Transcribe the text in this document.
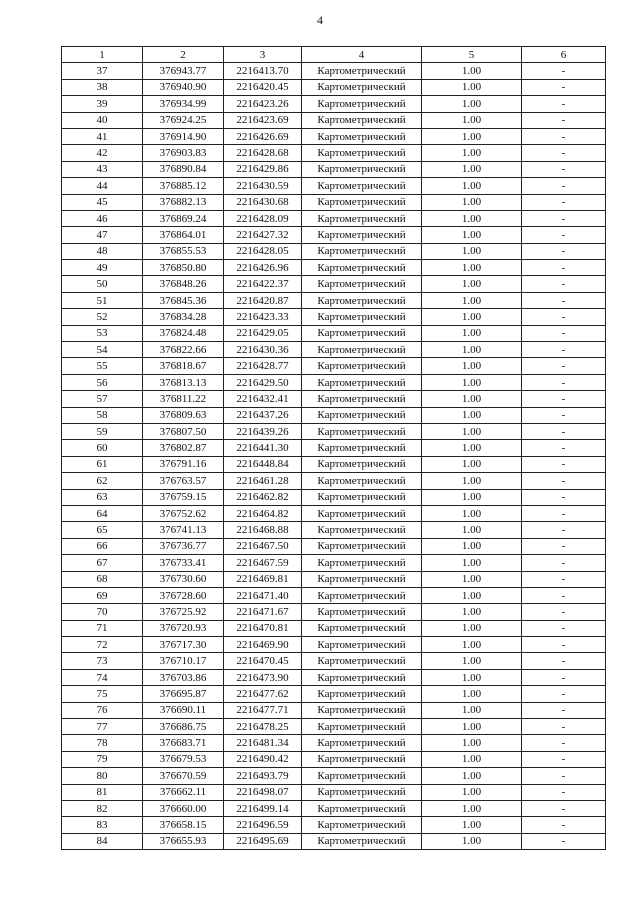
4
1	2	3	4	5	6
37	376943.77	2216413.70	Картометрический	1.00	-
38	376940.90	2216420.45	Картометрический	1.00	-
39	376934.99	2216423.26	Картометрический	1.00	-
40	376924.25	2216423.69	Картометрический	1.00	-
41	376914.90	2216426.69	Картометрический	1.00	-
42	376903.83	2216428.68	Картометрический	1.00	-
43	376890.84	2216429.86	Картометрический	1.00	-
44	376885.12	2216430.59	Картометрический	1.00	-
45	376882.13	2216430.68	Картометрический	1.00	-
46	376869.24	2216428.09	Картометрический	1.00	-
47	376864.01	2216427.32	Картометрический	1.00	-
48	376855.53	2216428.05	Картометрический	1.00	-
49	376850.80	2216426.96	Картометрический	1.00	-
50	376848.26	2216422.37	Картометрический	1.00	-
51	376845.36	2216420.87	Картометрический	1.00	-
52	376834.28	2216423.33	Картометрический	1.00	-
53	376824.48	2216429.05	Картометрический	1.00	-
54	376822.66	2216430.36	Картометрический	1.00	-
55	376818.67	2216428.77	Картометрический	1.00	-
56	376813.13	2216429.50	Картометрический	1.00	-
57	376811.22	2216432.41	Картометрический	1.00	-
58	376809.63	2216437.26	Картометрический	1.00	-
59	376807.50	2216439.26	Картометрический	1.00	-
60	376802.87	2216441.30	Картометрический	1.00	-
61	376791.16	2216448.84	Картометрический	1.00	-
62	376763.57	2216461.28	Картометрический	1.00	-
63	376759.15	2216462.82	Картометрический	1.00	-
64	376752.62	2216464.82	Картометрический	1.00	-
65	376741.13	2216468.88	Картометрический	1.00	-
66	376736.77	2216467.50	Картометрический	1.00	-
67	376733.41	2216467.59	Картометрический	1.00	-
68	376730.60	2216469.81	Картометрический	1.00	-
69	376728.60	2216471.40	Картометрический	1.00	-
70	376725.92	2216471.67	Картометрический	1.00	-
71	376720.93	2216470.81	Картометрический	1.00	-
72	376717.30	2216469.90	Картометрический	1.00	-
73	376710.17	2216470.45	Картометрический	1.00	-
74	376703.86	2216473.90	Картометрический	1.00	-
75	376695.87	2216477.62	Картометрический	1.00	-
76	376690.11	2216477.71	Картометрический	1.00	-
77	376686.75	2216478.25	Картометрический	1.00	-
78	376683.71	2216481.34	Картометрический	1.00	-
79	376679.53	2216490.42	Картометрический	1.00	-
80	376670.59	2216493.79	Картометрический	1.00	-
81	376662.11	2216498.07	Картометрический	1.00	-
82	376660.00	2216499.14	Картометрический	1.00	-
83	376658.15	2216496.59	Картометрический	1.00	-
84	376655.93	2216495.69	Картометрический	1.00	-
